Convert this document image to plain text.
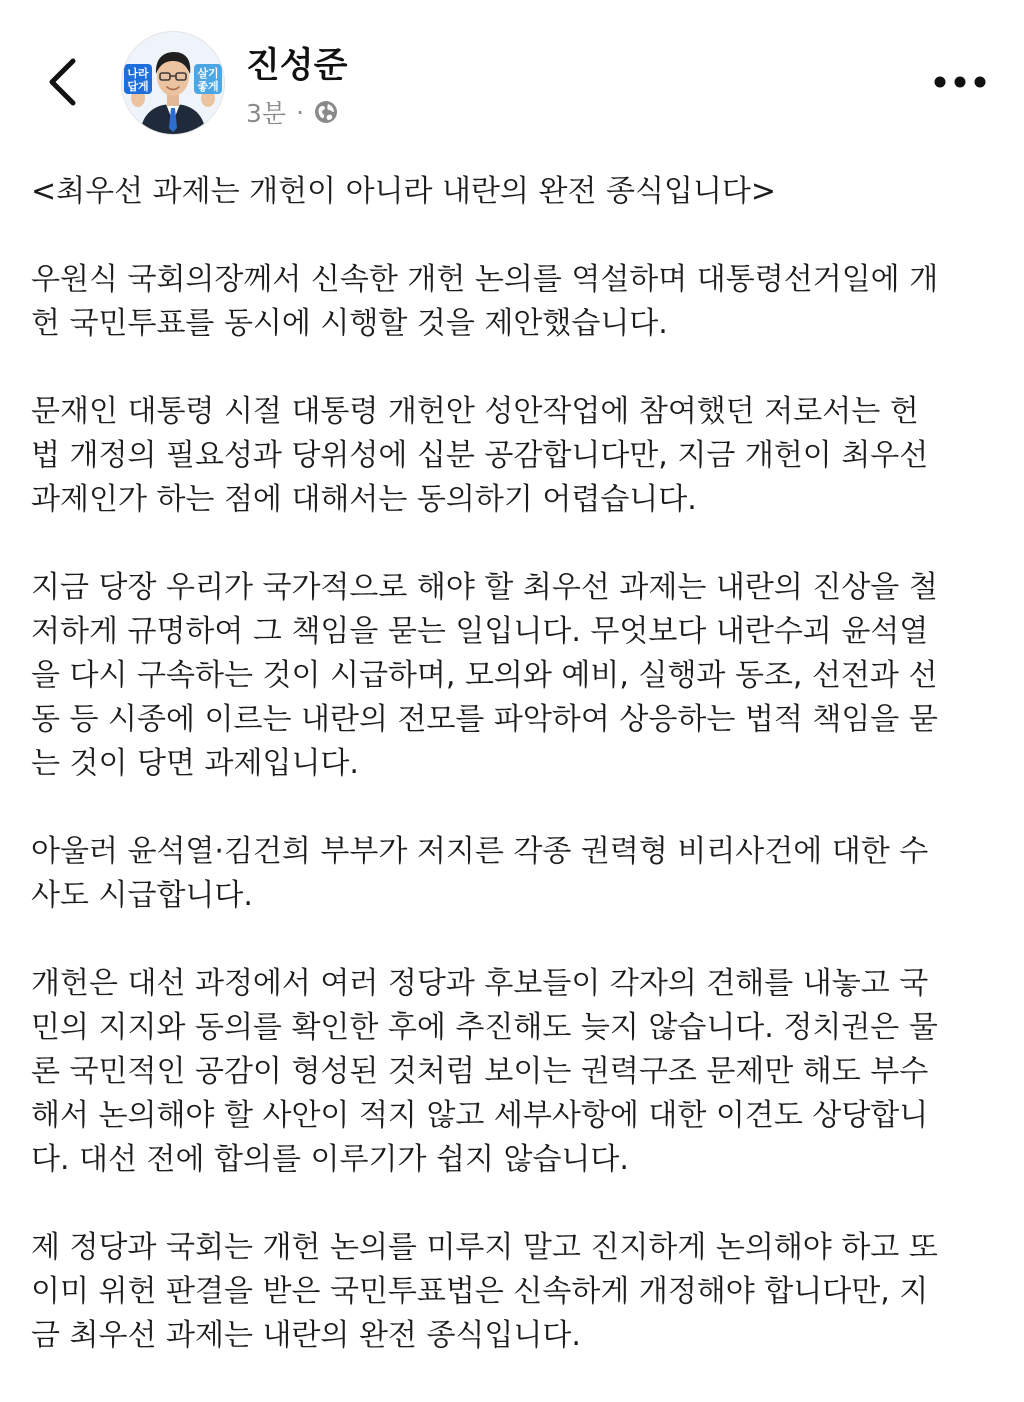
나라
답게
살기
좋게
진성준
3분 ·

<최우선 과제는 개헌이 아니라 내란의 완전 종식입니다>

우원식 국회의장께서 신속한 개헌 논의를 역설하며 대통령선거일에 개
헌 국민투표를 동시에 시행할 것을 제안했습니다.

문재인 대통령 시절 대통령 개헌안 성안작업에 참여했던 저로서는 헌
법 개정의 필요성과 당위성에 십분 공감합니다만, 지금 개헌이 최우선
과제인가 하는 점에 대해서는 동의하기 어렵습니다.

지금 당장 우리가 국가적으로 해야 할 최우선 과제는 내란의 진상을 철
저하게 규명하여 그 책임을 묻는 일입니다. 무엇보다 내란수괴 윤석열
을 다시 구속하는 것이 시급하며, 모의와 예비, 실행과 동조, 선전과 선
동 등 시종에 이르는 내란의 전모를 파악하여 상응하는 법적 책임을 묻
는 것이 당면 과제입니다.

아울러 윤석열·김건희 부부가 저지른 각종 권력형 비리사건에 대한 수
사도 시급합니다.

개헌은 대선 과정에서 여러 정당과 후보들이 각자의 견해를 내놓고 국
민의 지지와 동의를 확인한 후에 추진해도 늦지 않습니다. 정치권은 물
론 국민적인 공감이 형성된 것처럼 보이는 권력구조 문제만 해도 부수
해서 논의해야 할 사안이 적지 않고 세부사항에 대한 이견도 상당합니
다. 대선 전에 합의를 이루기가 쉽지 않습니다.

제 정당과 국회는 개헌 논의를 미루지 말고 진지하게 논의해야 하고 또
이미 위헌 판결을 받은 국민투표법은 신속하게 개정해야 합니다만, 지
금 최우선 과제는 내란의 완전 종식입니다.
